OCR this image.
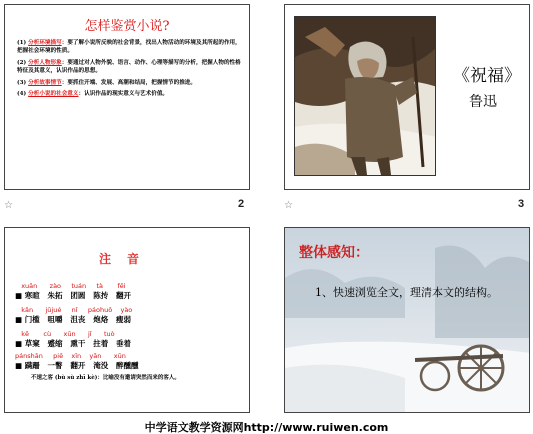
怎样鉴赏小说?

(1) 分析环境描写：要了解小说所反映的社会背景，找出人物活动的环境及其所起的作用，把握社会环境的性质。

(2) 分析人物形象：要通过对人物外貌、语言、动作、心理等描写的分析，把握人物的性格特征及其意义，认识作品的思想。

(3) 分析故事情节：要抓住开端、发展、高潮和结局，把握情节的推进。

(4) 分析小说的社会意义：认识作品的现实意义与艺术价值。

☆	2
《祝福》
鲁迅
☆	3
注音
xuān      zào     tuán     tà       fēi
■ 寒暄   朱拓   团圆   陈抟   翻开
kǎn      jūjué     nǐ     páohuō    yào
■ 门槛   咀嚼   沮丧   炮烙   瘦弱
kē       cù      xūn      jǐ      tuò
■ 草窠   蹙缩   熏干   拄着   垂着
pánshān     piē    xīn    yān      xūn
■ 蹒跚   一瞥   翻开   淹没   醉醺醺
不速之客 (bù sù zhī kè)：比喻没有邀请突然而来的客人。
整体感知：
1、快速浏览全文，理清本文的结构。
中学语文教学资源网http://www.ruiwen.com
